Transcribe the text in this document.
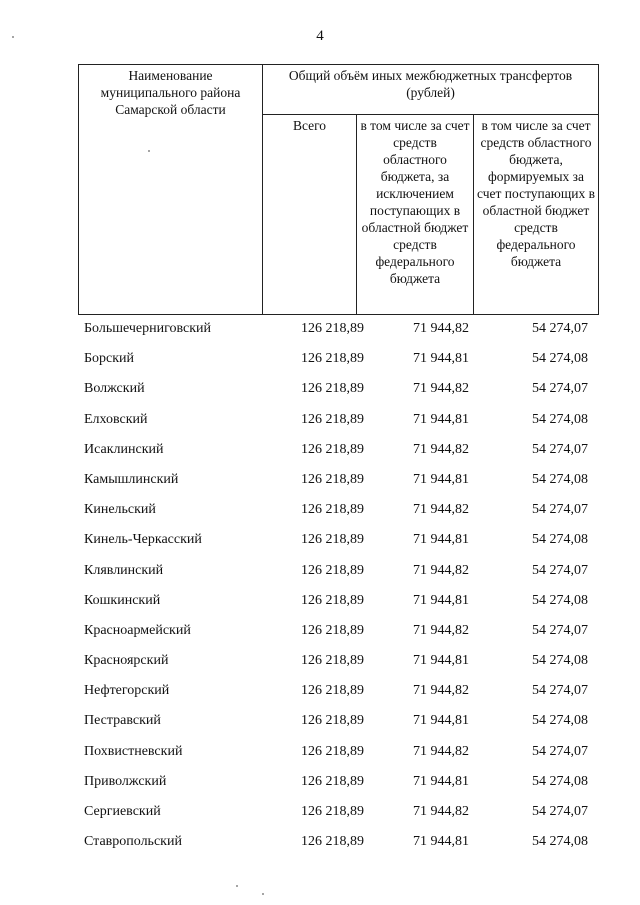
4
Наименование муниципального района Самарской области	Общий объём иных межбюджетных трансфертов (рублей)		
	Всего	в том числе за счет средств областного бюджета, за исключением поступающих в областной бюджет средств федерального бюджета	в том числе за счет средств областного бюджета, формируемых за счет поступающих в областной бюджет средств федерального бюджета
Большечерниговский	126 218,89	71 944,82	54 274,07
Борский	126 218,89	71 944,81	54 274,08
Волжский	126 218,89	71 944,82	54 274,07
Елховский	126 218,89	71 944,81	54 274,08
Исаклинский	126 218,89	71 944,82	54 274,07
Камышлинский	126 218,89	71 944,81	54 274,08
Кинельский	126 218,89	71 944,82	54 274,07
Кинель-Черкасский	126 218,89	71 944,81	54 274,08
Клявлинский	126 218,89	71 944,82	54 274,07
Кошкинский	126 218,89	71 944,81	54 274,08
Красноармейский	126 218,89	71 944,82	54 274,07
Красноярский	126 218,89	71 944,81	54 274,08
Нефтегорский	126 218,89	71 944,82	54 274,07
Пестравский	126 218,89	71 944,81	54 274,08
Похвистневский	126 218,89	71 944,82	54 274,07
Приволжский	126 218,89	71 944,81	54 274,08
Сергиевский	126 218,89	71 944,82	54 274,07
Ставропольский	126 218,89	71 944,81	54 274,08
